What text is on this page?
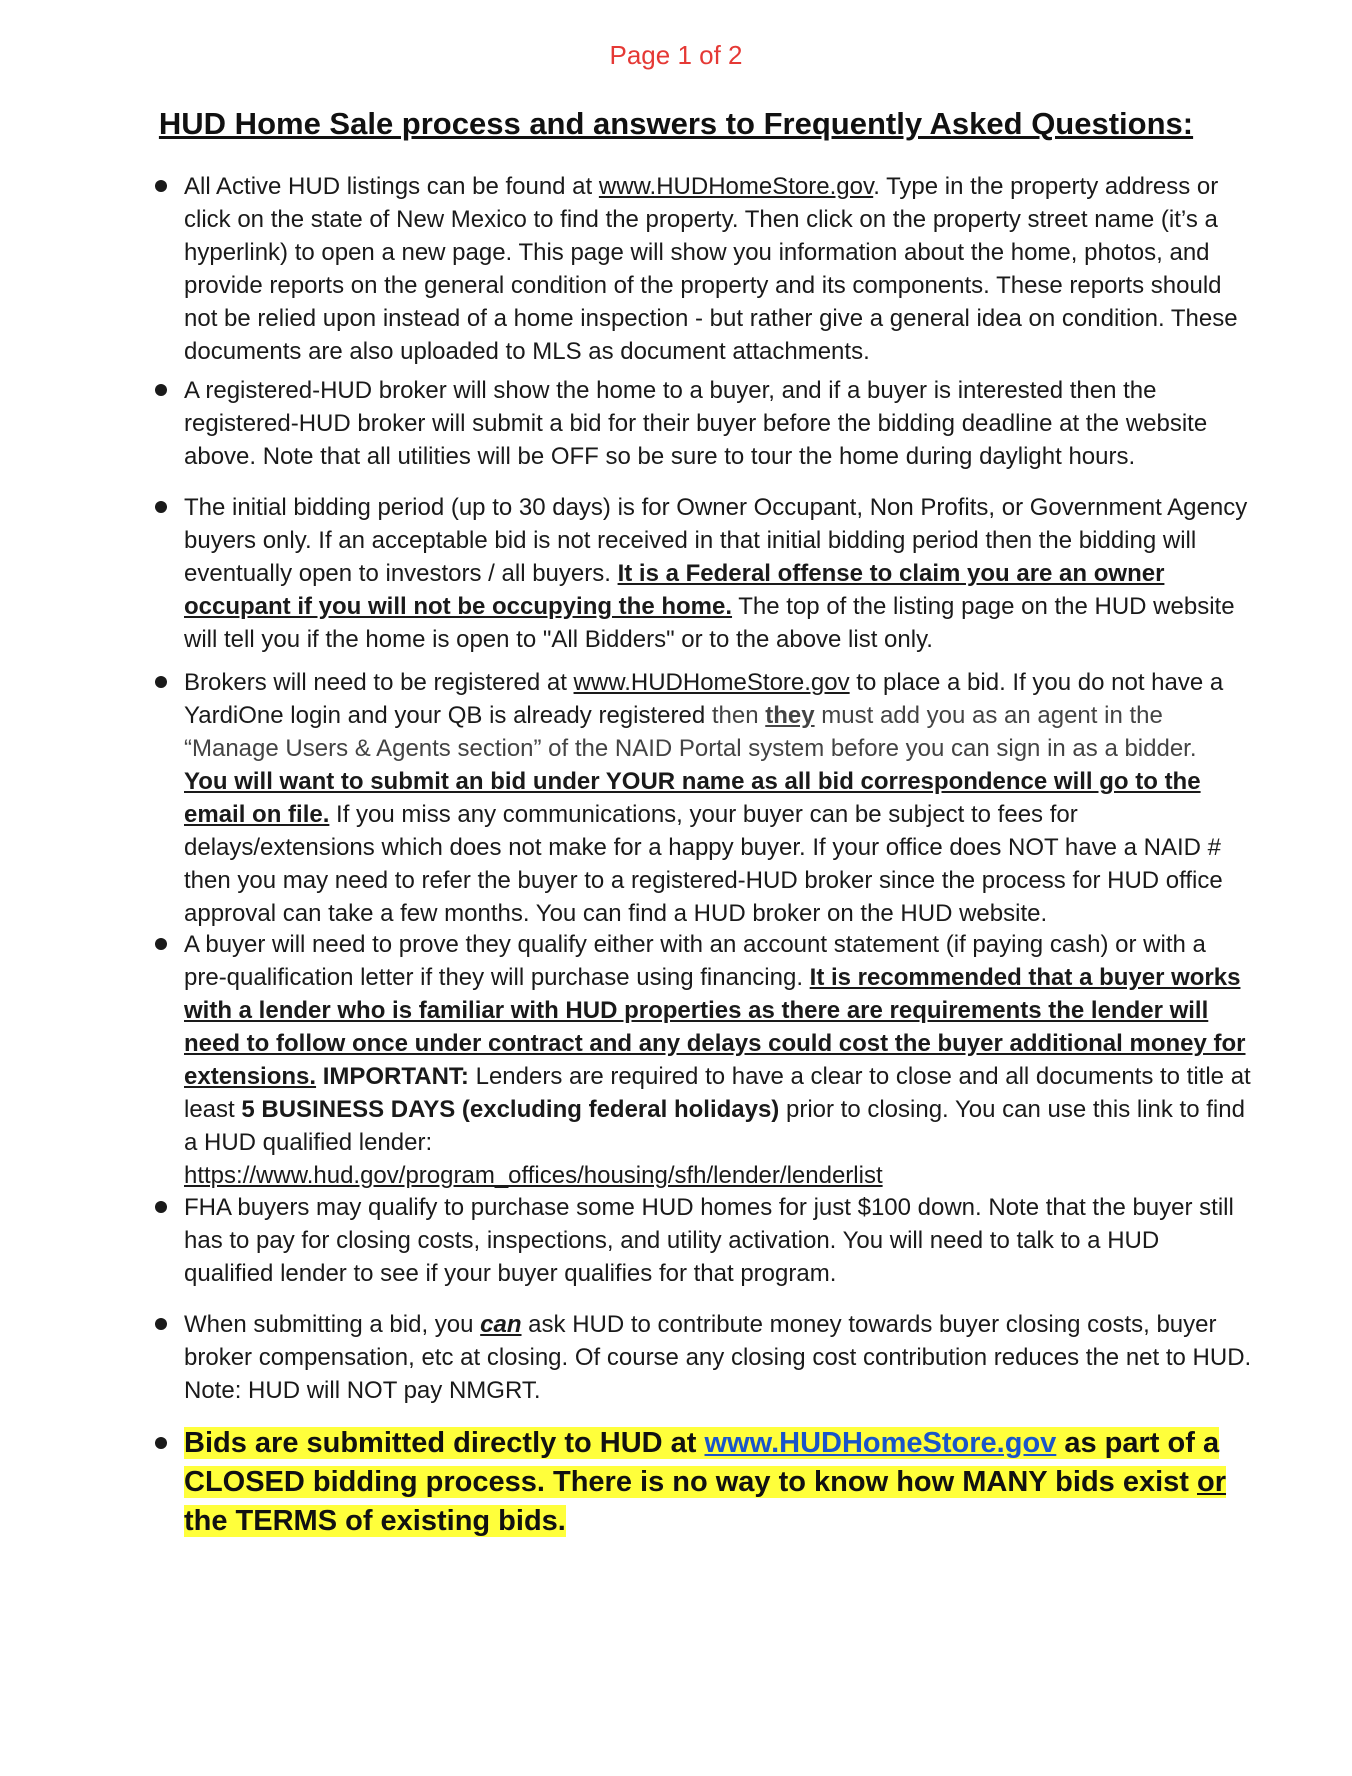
Page 1 of 2
HUD Home Sale process and answers to Frequently Asked Questions:
All Active HUD listings can be found at www.HUDHomeStore.gov. Type in the property address or click on the state of New Mexico to find the property. Then click on the property street name (it’s a hyperlink) to open a new page. This page will show you information about the home, photos, and provide reports on the general condition of the property and its components. These reports should not be relied upon instead of a home inspection - but rather give a general idea on condition. These documents are also uploaded to MLS as document attachments.
A registered-HUD broker will show the home to a buyer, and if a buyer is interested then the registered-HUD broker will submit a bid for their buyer before the bidding deadline at the website above. Note that all utilities will be OFF so be sure to tour the home during daylight hours.
The initial bidding period (up to 30 days) is for Owner Occupant, Non Profits, or Government Agency buyers only. If an acceptable bid is not received in that initial bidding period then the bidding will eventually open to investors / all buyers. It is a Federal offense to claim you are an owner occupant if you will not be occupying the home. The top of the listing page on the HUD website will tell you if the home is open to "All Bidders" or to the above list only.
Brokers will need to be registered at www.HUDHomeStore.gov to place a bid. If you do not have a YardiOne login and your QB is already registered then they must add you as an agent in the “Manage Users & Agents section” of the NAID Portal system before you can sign in as a bidder.
You will want to submit an bid under YOUR name as all bid correspondence will go to the email on file. If you miss any communications, your buyer can be subject to fees for delays/extensions which does not make for a happy buyer. If your office does NOT have a NAID # then you may need to refer the buyer to a registered-HUD broker since the process for HUD office approval can take a few months. You can find a HUD broker on the HUD website.
A buyer will need to prove they qualify either with an account statement (if paying cash) or with a pre-qualification letter if they will purchase using financing. It is recommended that a buyer works with a lender who is familiar with HUD properties as there are requirements the lender will need to follow once under contract and any delays could cost the buyer additional money for extensions. IMPORTANT: Lenders are required to have a clear to close and all documents to title at least 5 BUSINESS DAYS (excluding federal holidays) prior to closing. You can use this link to find a HUD qualified lender:
https://www.hud.gov/program_offices/housing/sfh/lender/lenderlist
FHA buyers may qualify to purchase some HUD homes for just $100 down. Note that the buyer still has to pay for closing costs, inspections, and utility activation. You will need to talk to a HUD qualified lender to see if your buyer qualifies for that program.
When submitting a bid, you can ask HUD to contribute money towards buyer closing costs, buyer broker compensation, etc at closing. Of course any closing cost contribution reduces the net to HUD. Note: HUD will NOT pay NMGRT.
Bids are submitted directly to HUD at www.HUDHomeStore.gov as part of a CLOSED bidding process. There is no way to know how MANY bids exist or the TERMS of existing bids.
